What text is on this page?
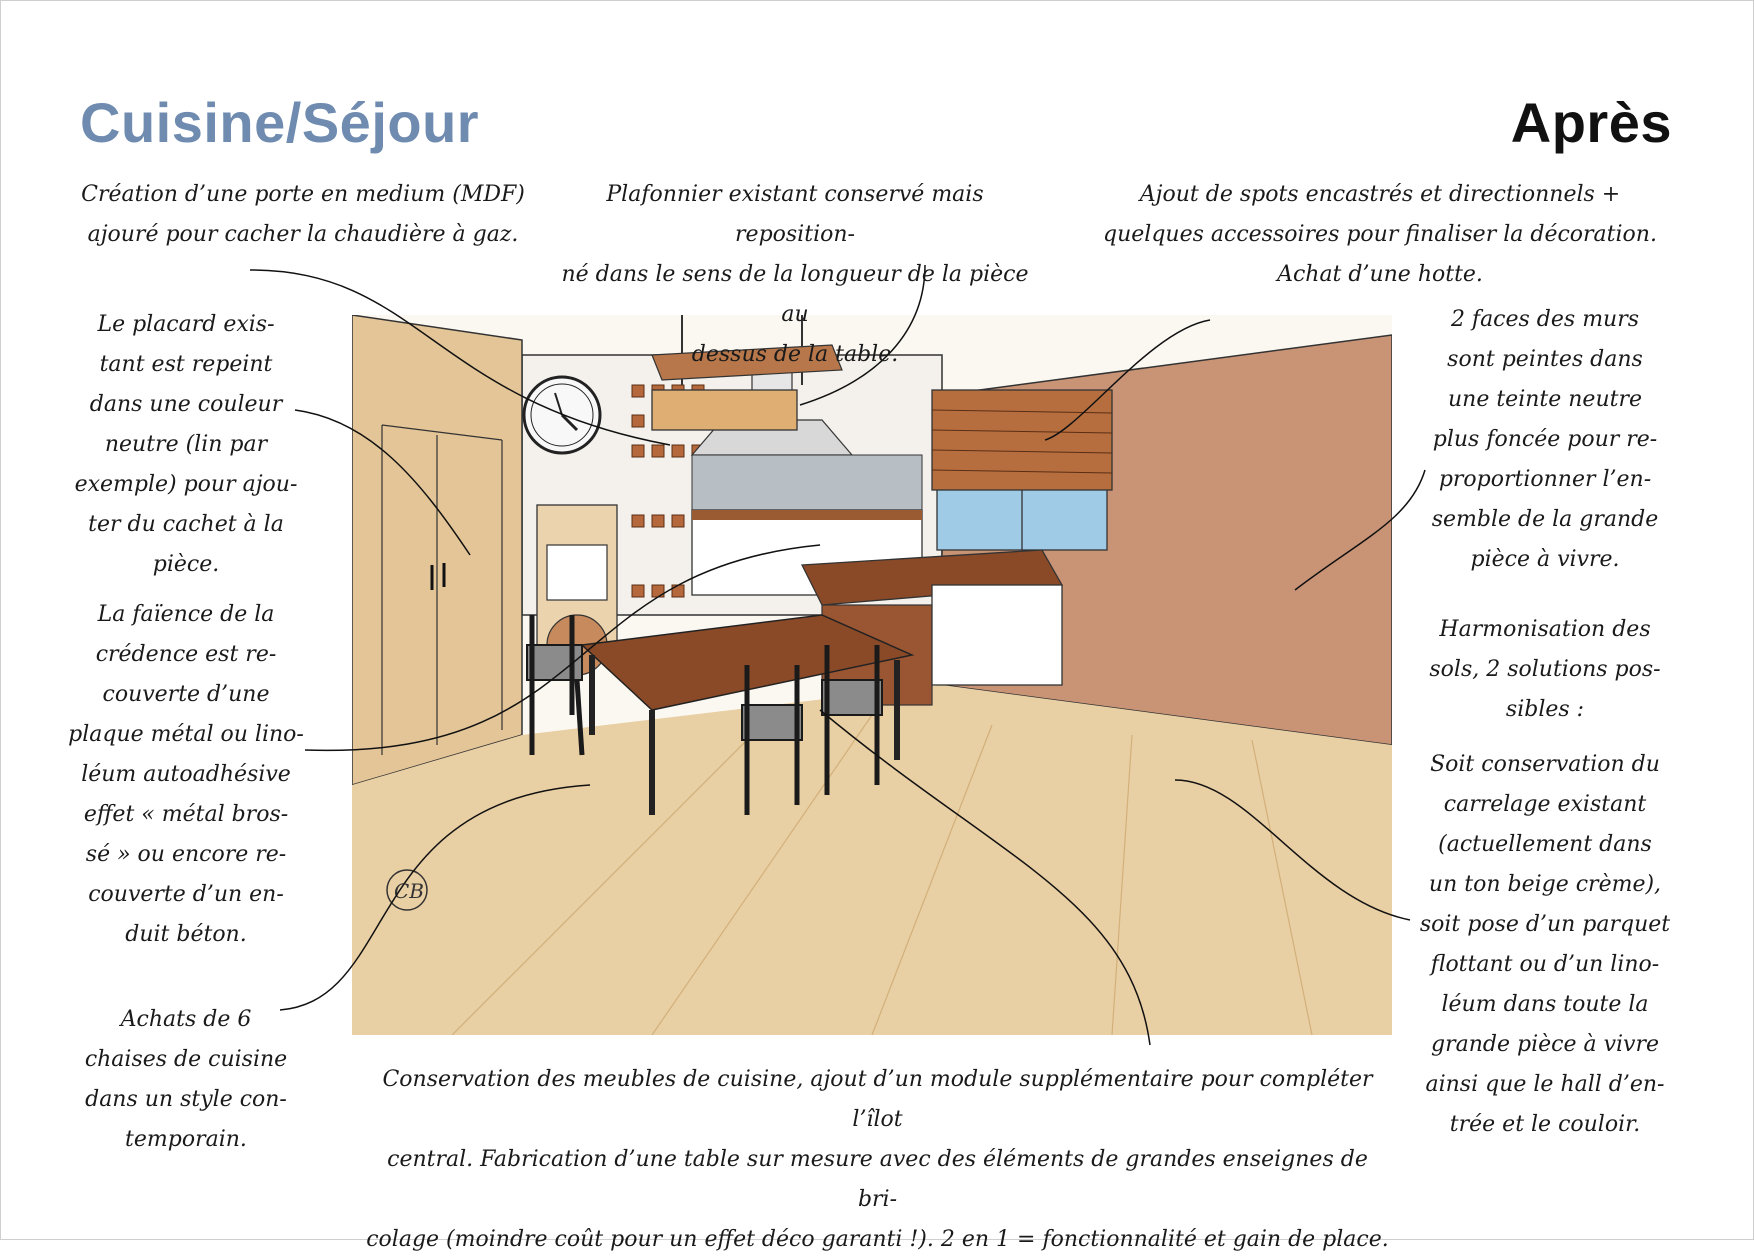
Cuisine/Séjour	Après
CB
Création d’une porte en medium (MDF)
ajouré pour cacher la chaudière à gaz.
Plafonnier existant conservé mais reposition-
né dans le sens de la longueur de la pièce au
dessus de la table.
Ajout de spots encastrés et directionnels +
quelques accessoires pour finaliser la décoration.
Achat d’une hotte.
Le placard exis-
tant est repeint
dans une couleur
neutre (lin par
exemple) pour ajou-
ter du cachet à la
pièce.
La faïence de la
crédence est re-
couverte d’une
plaque métal ou lino-
léum autoadhésive
effet « métal bros-
sé » ou encore re-
couverte d’un en-
duit béton.
Achats de 6
chaises de cuisine
dans un style con-
temporain.
2 faces des murs
sont peintes dans
une teinte neutre
plus foncée pour re-
proportionner l’en-
semble de la grande
pièce à vivre.
Harmonisation des
sols, 2 solutions pos-
sibles :
Soit conservation du
carrelage existant
(actuellement dans
un ton beige crème),
soit pose d’un parquet
flottant ou d’un lino-
léum dans toute la
grande pièce à vivre
ainsi que le hall d’en-
trée et le couloir.
Conservation des meubles de cuisine, ajout d’un module supplémentaire pour compléter l’îlot
central. Fabrication d’une table sur mesure avec des éléments de grandes enseignes de bri-
colage (moindre coût pour un effet déco garanti !). 2 en 1 = fonctionnalité et gain de place.
